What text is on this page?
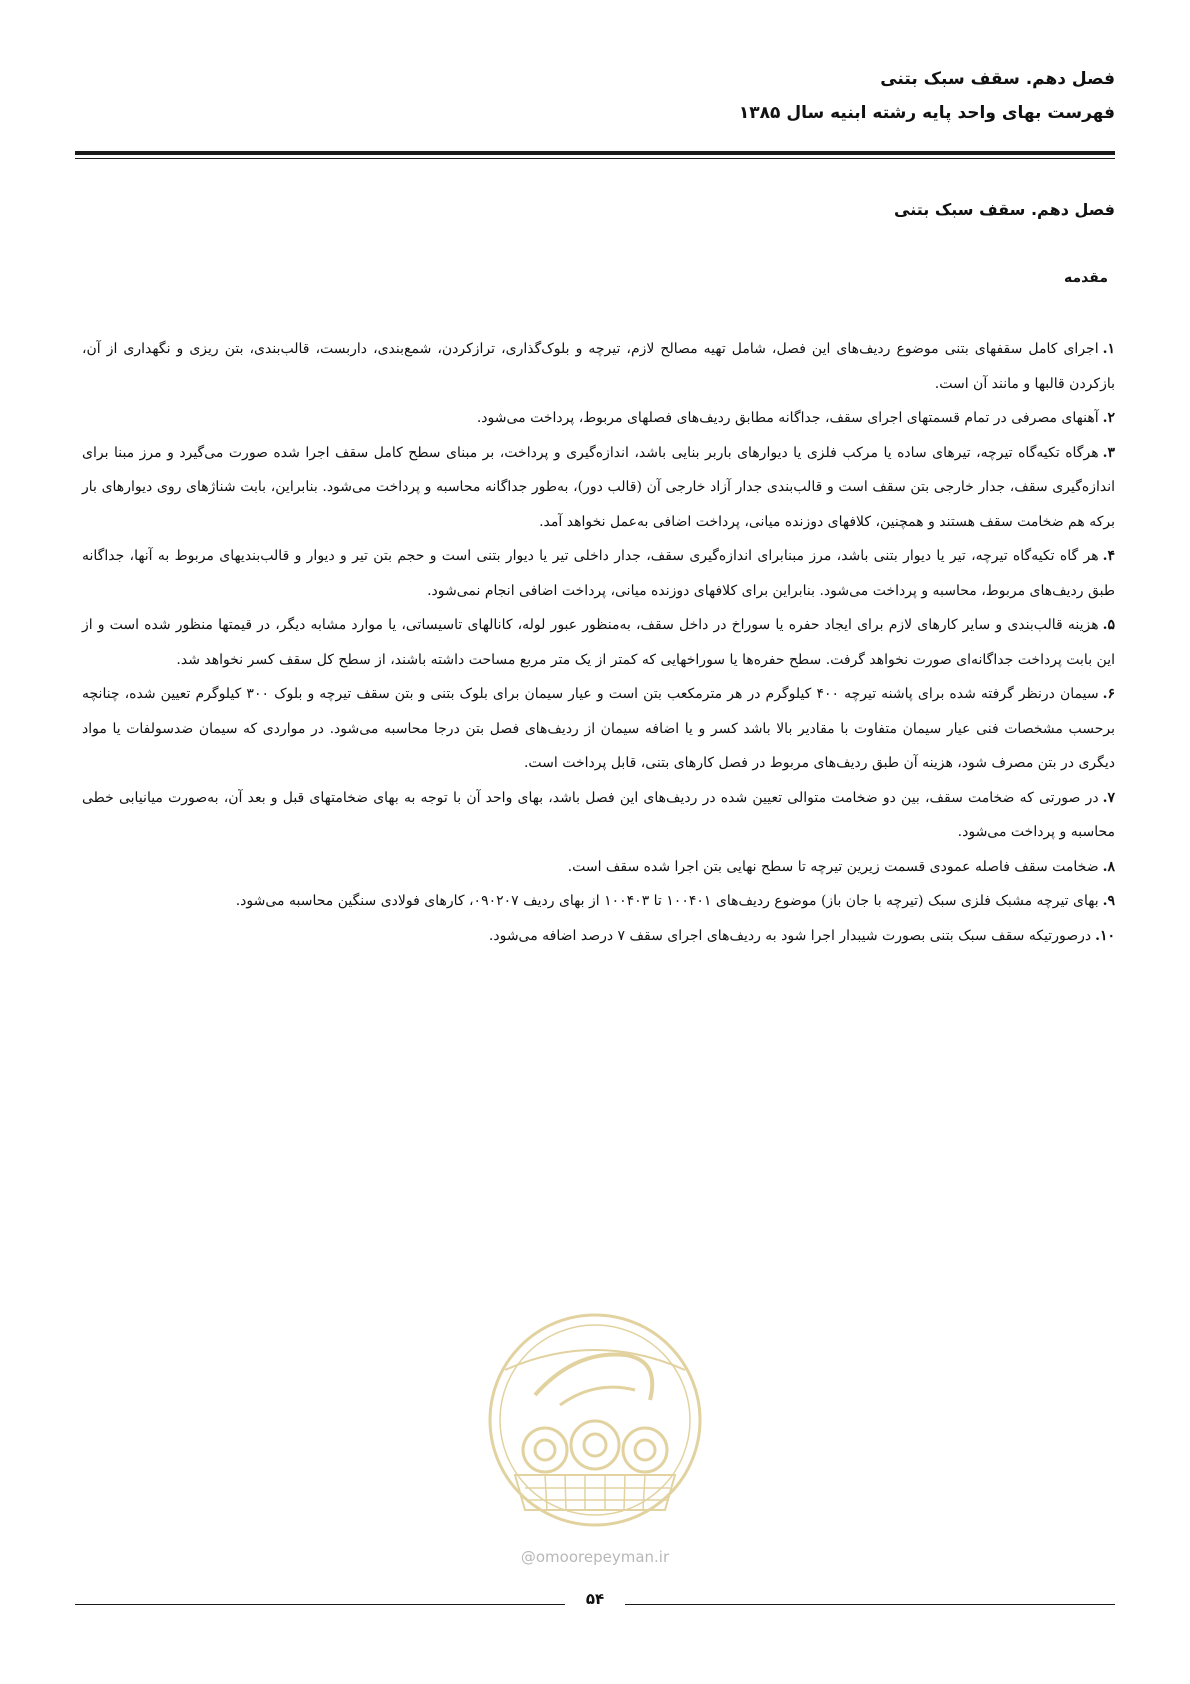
فصل دهم. سقف سبک بتنی
فهرست بهای واحد پایه رشته ابنیه سال ۱۳۸۵
فصل دهم. سقف سبک بتنی
مقدمه

۱.اجرای کامل سقفهای بتنی موضوع ردیف‌های این فصل، شامل تهیه مصالح لازم، تیرچه و بلوک‌گذاری، ترازکردن، شمع‌بندی، داربست، قالب‌بندی، بتن ریزی و نگهداری از آن، بازکردن قالبها و مانند آن است.

۲.آهنهای مصرفی در تمام قسمتهای اجرای سقف، جداگانه مطابق ردیف‌های فصلهای مربوط، پرداخت می‌شود.

۳.هرگاه تکیه‌گاه تیرچه، تیرهای ساده یا مرکب فلزی یا دیوارهای باربر بنایی باشد، اندازه‌گیری و پرداخت، بر مبنای سطح کامل سقف اجرا شده صورت می‌گیرد و مرز مبنا برای اندازه‌گیری سقف، جدار خارجی بتن سقف است و قالب‌بندی جدار آزاد خارجی آن (قالب دور)، به‌طور جداگانه محاسبه و پرداخت می‌شود. بنابراین، بابت شناژهای روی دیوارهای بار برکه هم ضخامت سقف هستند و همچنین، کلافهای دوزنده میانی، پرداخت اضافی به‌عمل نخواهد آمد.

۴.هر گاه تکیه‌گاه تیرچه، تیر یا دیوار بتنی باشد، مرز مبنابرای اندازه‌گیری سقف، جدار داخلی تیر یا دیوار بتنی است و حجم بتن تیر و دیوار و قالب‌بندیهای مربوط به آنها، جداگانه طبق ردیف‌های مربوط، محاسبه و پرداخت می‌شود. بنابراین برای کلافهای دوزنده میانی، پرداخت اضافی انجام نمی‌شود.

۵.هزینه قالب‌بندی و سایر کارهای لازم برای ایجاد حفره یا سوراخ در داخل سقف، به‌منظور عبور لوله، کانالهای تاسیساتی، یا موارد مشابه دیگر، در قیمتها منظور شده است و از این بابت پرداخت جداگانه‌ای صورت نخواهد گرفت. سطح حفره‌ها یا سوراخهایی که کمتر از یک متر مربع مساحت داشته باشند، از سطح کل سقف کسر نخواهد شد.

۶.سیمان درنظر گرفته شده برای پاشنه تیرچه ۴۰۰ کیلوگرم در هر مترمکعب بتن است و عیار سیمان برای بلوک بتنی و بتن سقف تیرچه و بلوک ۳۰۰ کیلوگرم تعیین شده، چنانچه برحسب مشخصات فنی عیار سیمان متفاوت با مقادیر بالا باشد کسر و یا اضافه سیمان از ردیف‌های فصل بتن درجا محاسبه می‌شود. در مواردی که سیمان ضدسولفات یا مواد دیگری در بتن مصرف شود، هزینه آن طبق ردیف‌های مربوط در فصل کارهای بتنی، قابل پرداخت است.

۷.در صورتی که ضخامت سقف، بین دو ضخامت متوالی تعیین شده در ردیف‌های این فصل باشد، بهای واحد آن با توجه به بهای ضخامتهای قبل و بعد آن، به‌صورت میانیابی خطی محاسبه و پرداخت می‌شود.

۸.ضخامت سقف فاصله عمودی قسمت زیرین تیرچه تا سطح نهایی بتن اجرا شده سقف است.

۹.بهای تیرچه مشبک فلزی سبک (تیرچه با جان باز) موضوع ردیف‌های ۱۰۰۴۰۱ تا ۱۰۰۴۰۳ از بهای ردیف ۰۹۰۲۰۷، کارهای فولادی سنگین محاسبه می‌شود.

۱۰.درصورتیکه سقف سبک بتنی بصورت شیبدار اجرا شود به ردیف‌های اجرای سقف ۷ درصد اضافه می‌شود.

@omoorepeyman.ir
۵۴
